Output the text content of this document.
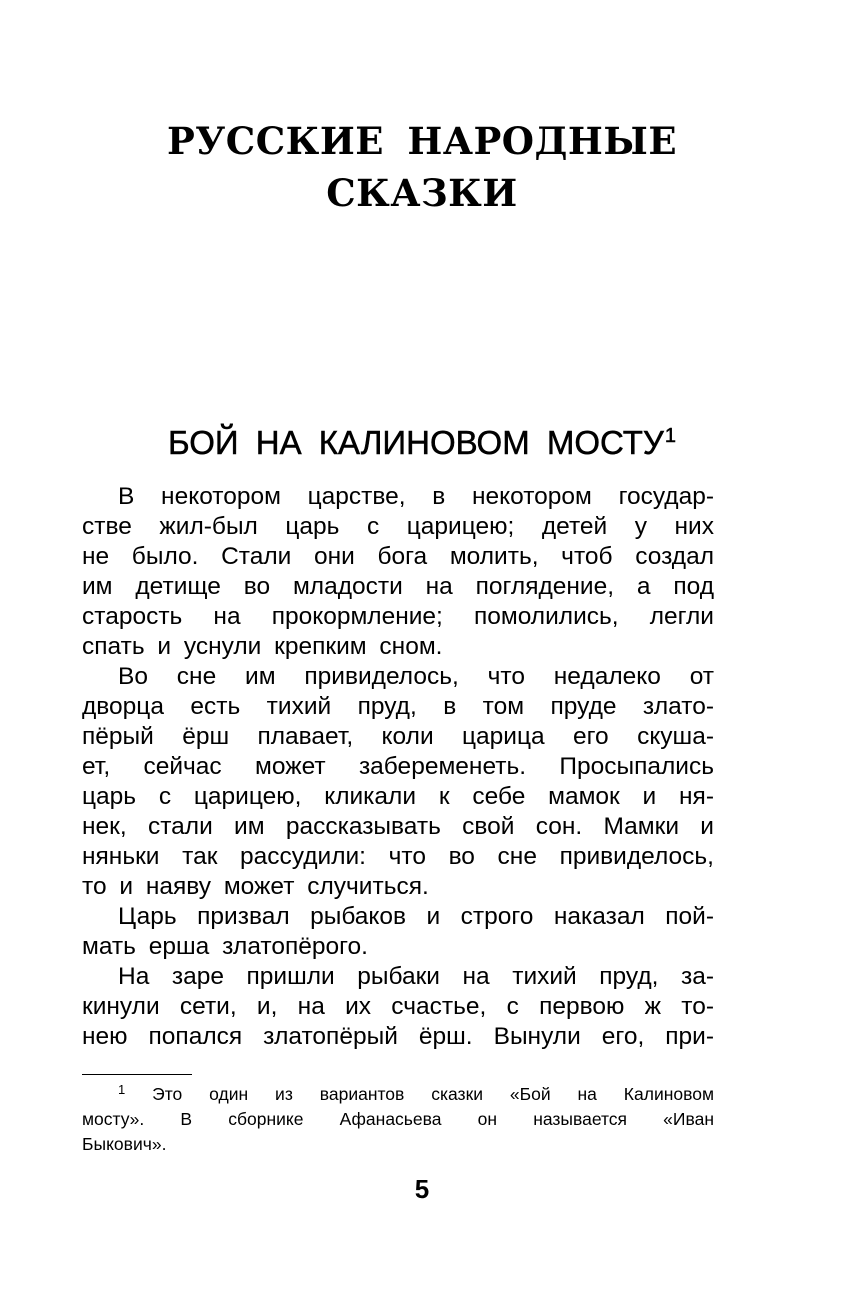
РУССКИЕ НАРОДНЫЕ
СКАЗКИ
БОЙ НА КАЛИНОВОМ МОСТУ$^1$
В некотором царстве, в некотором государ-
стве жил-был царь с царицею; детей у них
не было. Стали они бога молить, чтоб создал
им детище во младости на поглядение, а под
старость на прокормление; помолились, легли
спать и уснули крепким сном.
Во сне им привиделось, что недалеко от
дворца есть тихий пруд, в том пруде злато-
пёрый ёрш плавает, коли царица его скуша-
ет, сейчас может забеременеть. Просыпались
царь с царицею, кликали к себе мамок и ня-
нек, стали им рассказывать свой сон. Мамки и
няньки так рассудили: что во сне привиделось,
то и наяву может случиться.
Царь призвал рыбаков и строго наказал пой-
мать ерша златопёрого.
На заре пришли рыбаки на тихий пруд, за-
кинули сети, и, на их счастье, с первою ж то-
нею попался златопёрый ёрш. Вынули его, при-
$^1$ Это один из вариантов сказки «Бой на Калиновом
мосту». В сборнике Афанасьева он называется «Иван
Быкович».
5
